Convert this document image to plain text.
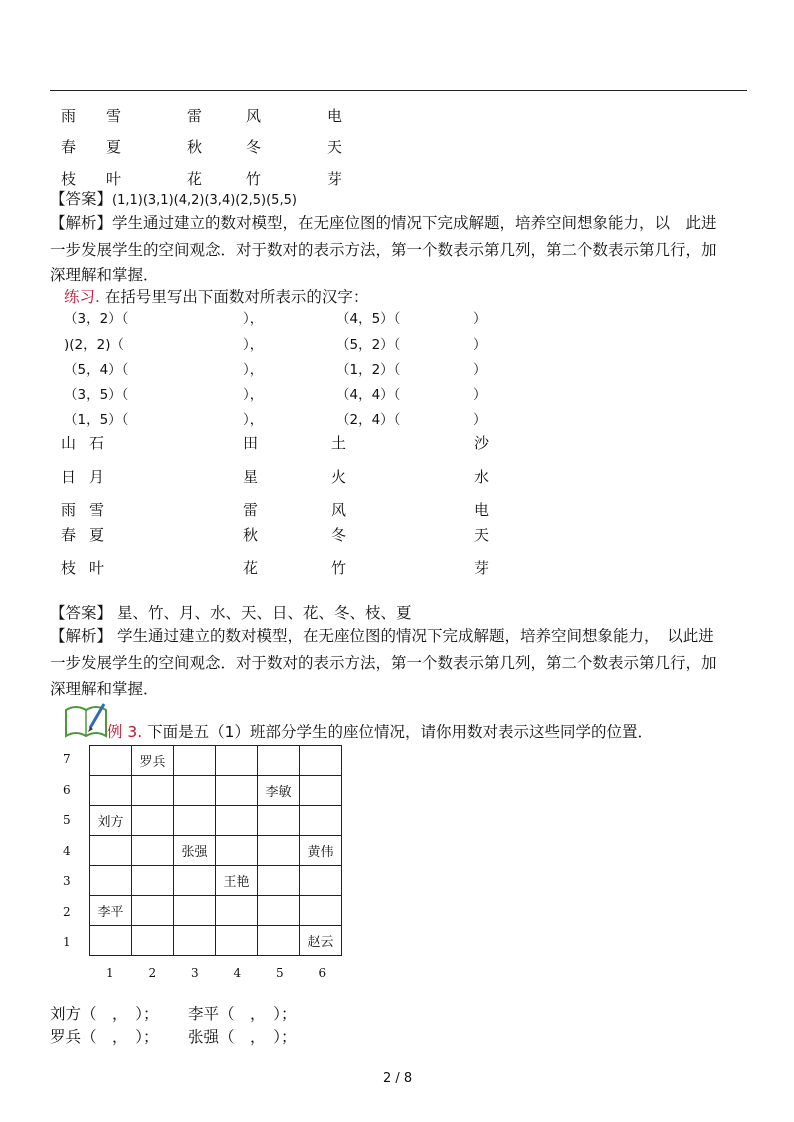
雨 雪	雷	风	电
春 夏	秋	冬	天
枝 叶	花	竹	芽
【答案】(1,1)(3,1)(4,2)(3,4)(2,5)(5,5)
【解析】学生通过建立的数对模型，在无座位图的情况下完成解题，培养空间想象能力，以　此进
一步发展学生的空间观念．对于数对的表示方法，第一个数表示第几列，第二个数表示第几行，加
深理解和掌握．
练习. 在括号里写出下面数对所表示的汉字：
（3，2）（	），	（4，5）（	）
)(2，2)（	），	（5，2）（	）
（5，4）（	），	（1，2）（	）
（3，5）（	），	（4，4）（	）
（1，5）（	），	（2，4）（	）
山 石	田	土	沙
日 月	星	火	水
雨 雪	雷	风	电
春 夏	秋	冬	天
枝 叶	花	竹	芽
【答案】 星、竹、月、水、天、日、花、冬、枝、夏
【解析】 学生通过建立的数对模型，在无座位图的情况下完成解题，培养空间想象能力，　以此进
一步发展学生的空间观念．对于数对的表示方法，第一个数表示第几列，第二个数表示第几行，加
深理解和掌握．
例 3. 下面是五（1）班部分学生的座位情况，请你用数对表示这些同学的位置．
	罗兵				
				李敏	
刘方					
		张强			黄伟
			王艳		
李平					
					赵云
7
6
5
4
3
2
1
1	2	3	4	5	6
刘方（　，　）； 李平（　，　）；
罗兵（　，　）； 张强（　，　）；
2 / 8
